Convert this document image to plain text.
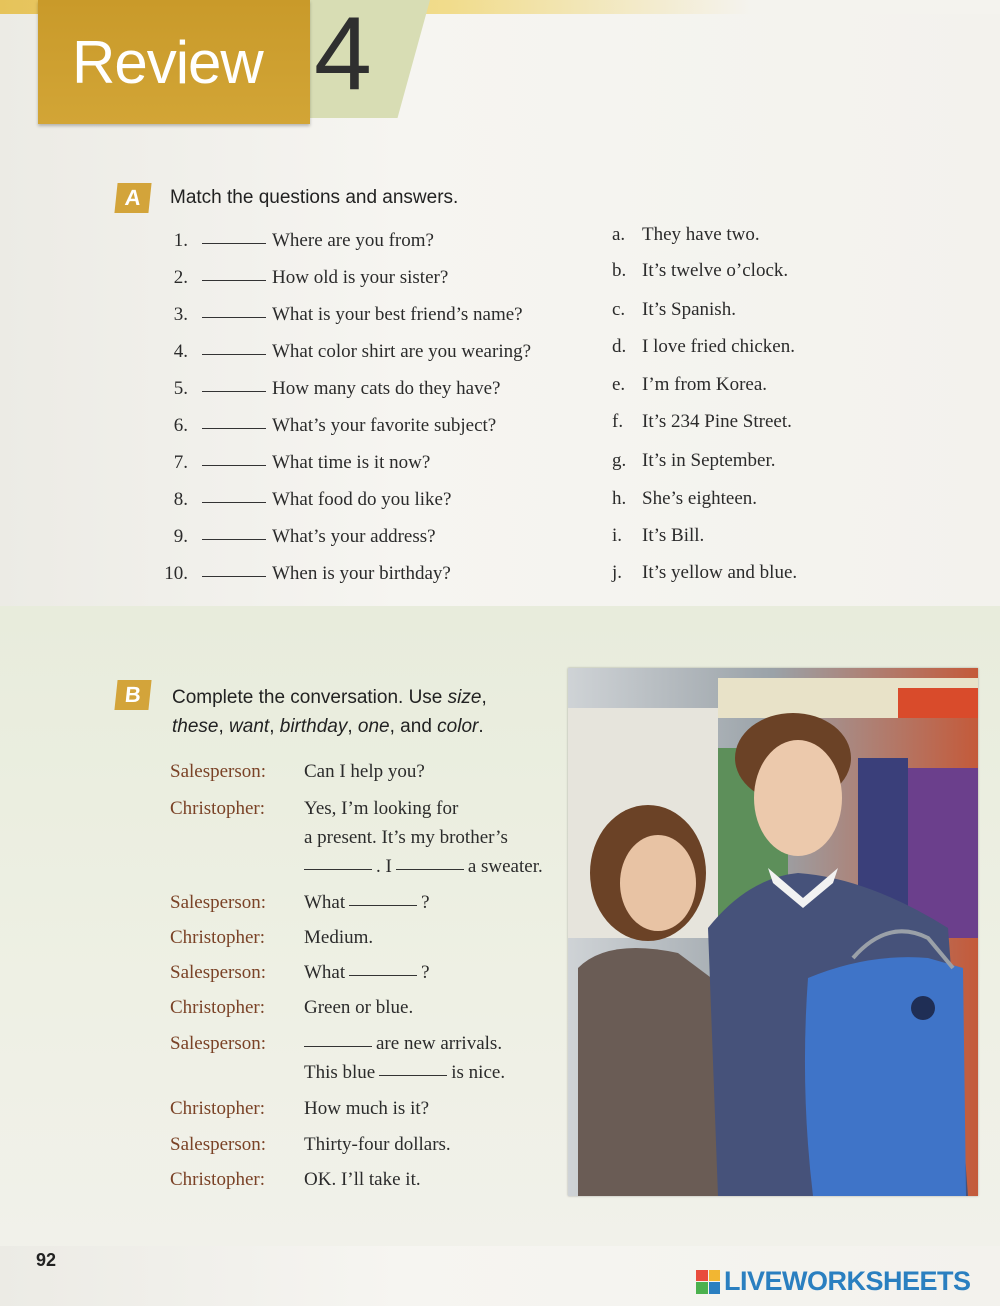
Review 4
A	Match the questions and answers.
1.	Where are you from?
2.	How old is your sister?
3.	What is your best friend’s name?
4.	What color shirt are you wearing?
5.	How many cats do they have?
6.	What’s your favorite subject?
7.	What time is it now?
8.	What food do you like?
9.	What’s your address?
10.	When is your birthday?
a. They have two.
b. It’s twelve o’clock.
c. It’s Spanish.
d. I love fried chicken.
e. I’m from Korea.
f. It’s 234 Pine Street.
g. It’s in September.
h. She’s eighteen.
i. It’s Bill.
j. It’s yellow and blue.
B	Complete the conversation. Use size,
these, want, birthday, one, and color.
Salesperson: Can I help you?
Christopher: Yes, I’m looking for
a present. It’s my brother’s
. I	a sweater.
Salesperson: What	?
Christopher: Medium.
Salesperson: What	?
Christopher: Green or blue.
Salesperson:	are new arrivals.
This blue	is nice.
Christopher: How much is it?
Salesperson: Thirty-four dollars.
Christopher: OK. I’ll take it.
92
LIVEWORKSHEETS
